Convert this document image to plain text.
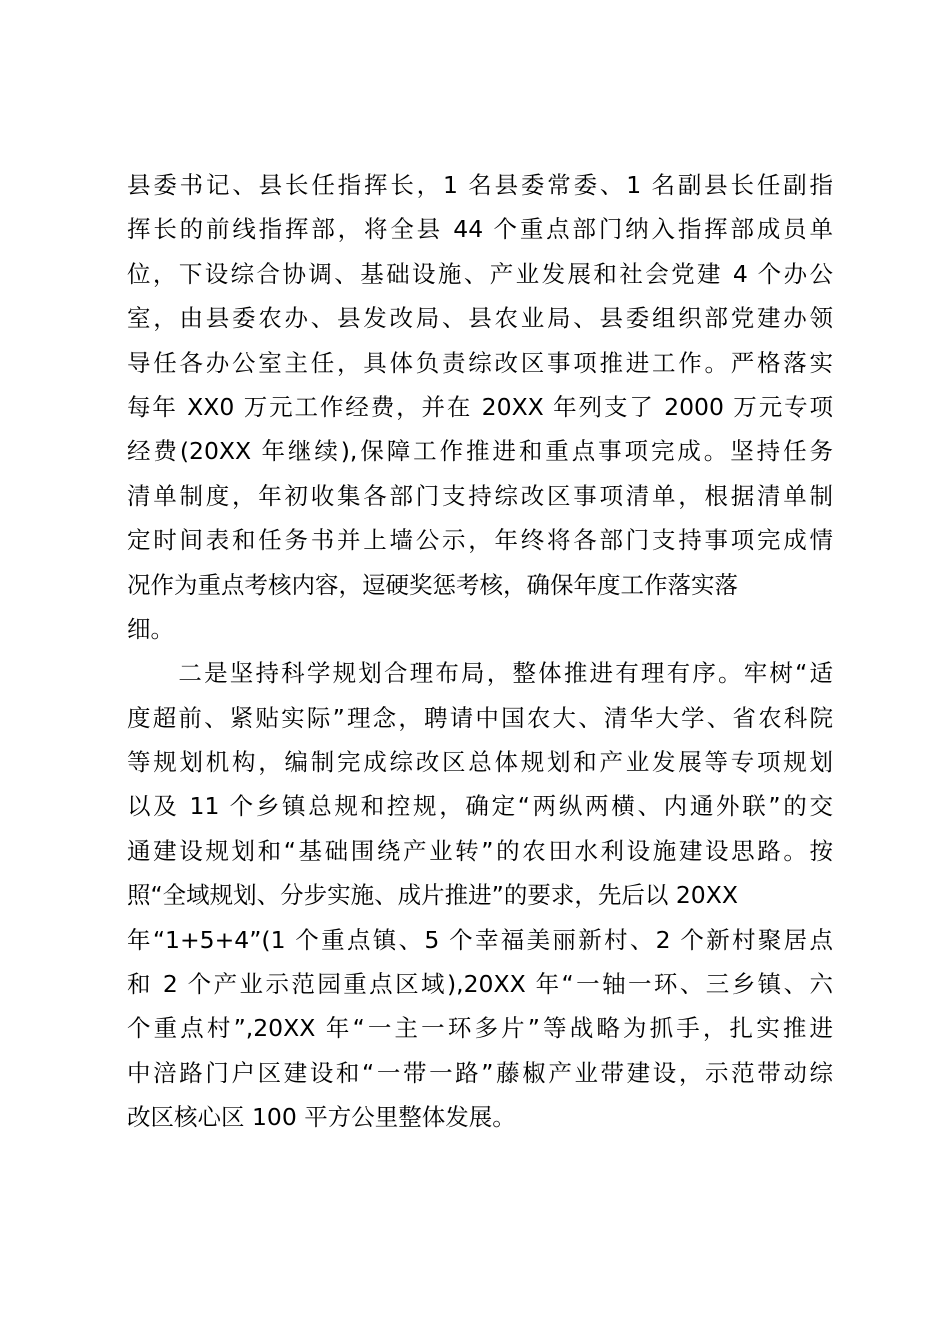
县委书记、县长任指挥长，1 名县委常委、1 名副县长任副指
挥长的前线指挥部，将全县 44 个重点部门纳入指挥部成员单
位，下设综合协调、基础设施、产业发展和社会党建 4 个办公
室，由县委农办、县发改局、县农业局、县委组织部党建办领
导任各办公室主任，具体负责综改区事项推进工作。严格落实
每年 XX0 万元工作经费，并在 20XX 年列支了 2000 万元专项
经费(20XX 年继续),保障工作推进和重点事项完成。坚持任务
清单制度，年初收集各部门支持综改区事项清单，根据清单制
定时间表和任务书并上墙公示，年终将各部门支持事项完成情
况作为重点考核内容，逗硬奖惩考核，确保年度工作落实落
细。
　　二是坚持科学规划合理布局，整体推进有理有序。牢树“适
度超前、紧贴实际”理念，聘请中国农大、清华大学、省农科院
等规划机构，编制完成综改区总体规划和产业发展等专项规划
以及 11 个乡镇总规和控规，确定“两纵两横、内通外联”的交
通建设规划和“基础围绕产业转”的农田水利设施建设思路。按
照“全域规划、分步实施、成片推进”的要求，先后以 20XX
年“1+5+4”(1 个重点镇、5 个幸福美丽新村、2 个新村聚居点
和 2 个产业示范园重点区域),20XX 年“一轴一环、三乡镇、六
个重点村”,20XX 年“一主一环多片”等战略为抓手，扎实推进
中涪路门户区建设和“一带一路”藤椒产业带建设，示范带动综
改区核心区 100 平方公里整体发展。
